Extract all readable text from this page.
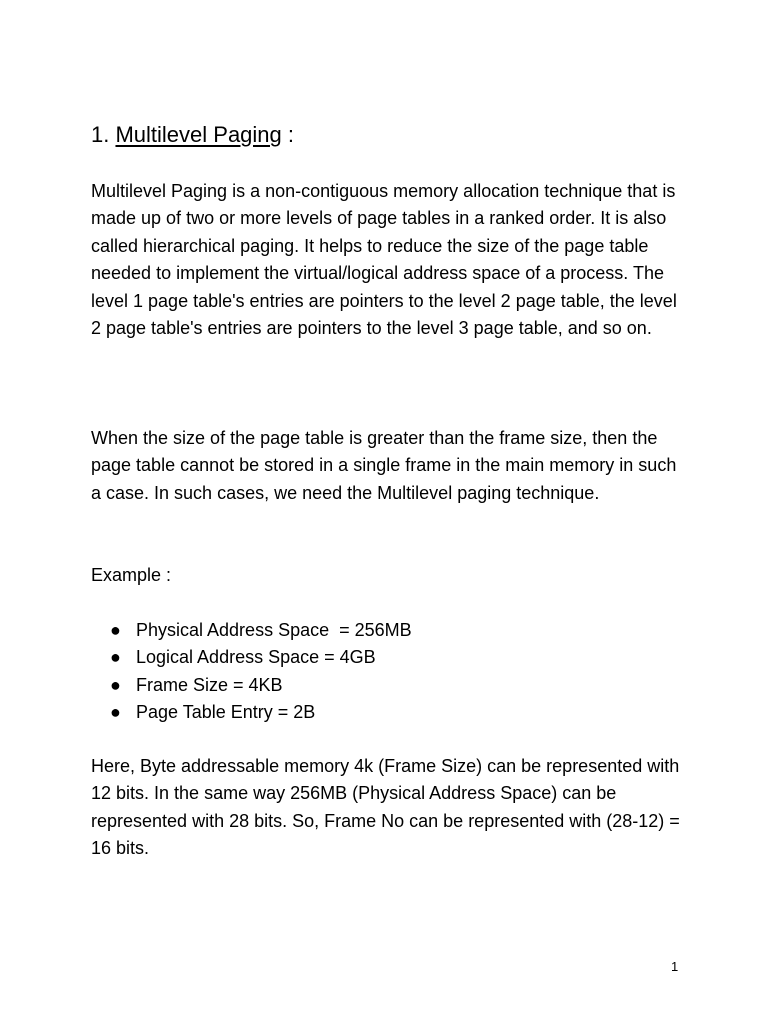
1. Multilevel Paging :

Multilevel Paging is a non-contiguous memory allocation technique that is made up of two or more levels of page tables in a ranked order. It is also called hierarchical paging. It helps to reduce the size of the page table needed to implement the virtual/logical address space of a process. The level 1 page table's entries are pointers to the level 2 page table, the level 2 page table's entries are pointers to the level 3 page table, and so on.

When the size of the page table is greater than the frame size, then the page table cannot be stored in a single frame in the main memory in such a case. In such cases, we need the Multilevel paging technique.

Example :

● Physical Address Space  = 256MB
● Logical Address Space = 4GB
● Frame Size = 4KB
● Page Table Entry = 2B

Here, Byte addressable memory 4k (Frame Size) can be represented with 12 bits. In the same way 256MB (Physical Address Space) can be represented with 28 bits. So, Frame No can be represented with (28-12) = 16 bits.

1
